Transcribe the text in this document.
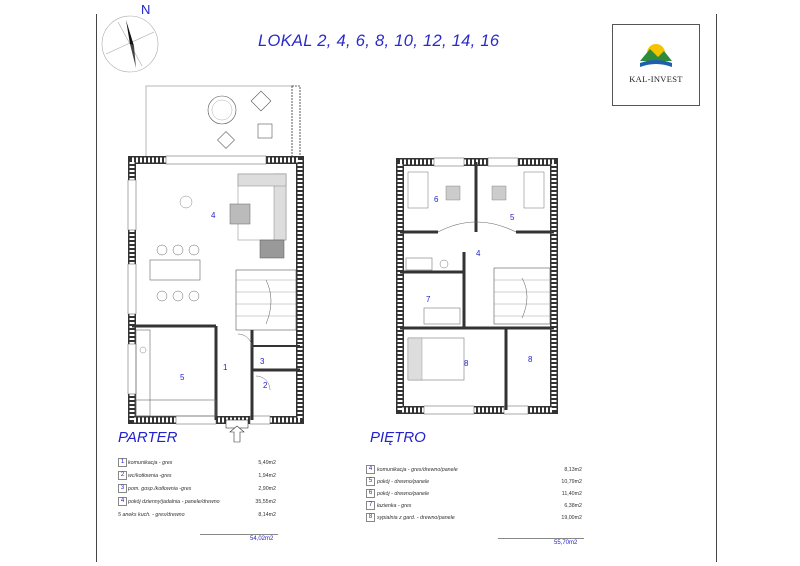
N
LOKAL 2, 4, 6, 8, 10, 12, 14, 16
KAL-INVEST
1
2
3
4
5
4
5
6
7
8	8
PARTER
1 komunikacja - gres	5,49m2
2 wc/kotłownia -gres	1,94m2
3 pom. gosp./kotłownia -gres	2,90m2
4 pokój dzienny/jadalnia - panele/drewno	35,55m2
5 aneks kuch. - gres/drewno	8,14m2
54,02m2
PIĘTRO
4 komunikacja - gres/drewno/panele	8,13m2
5 pokój - drewno/panele	10,79m2
6 pokój - drewno/panele	11,40m2
7 łazienka - gres	6,38m2
8 sypialnia z gard. - drewno/panele	19,00m2
55,70m2
